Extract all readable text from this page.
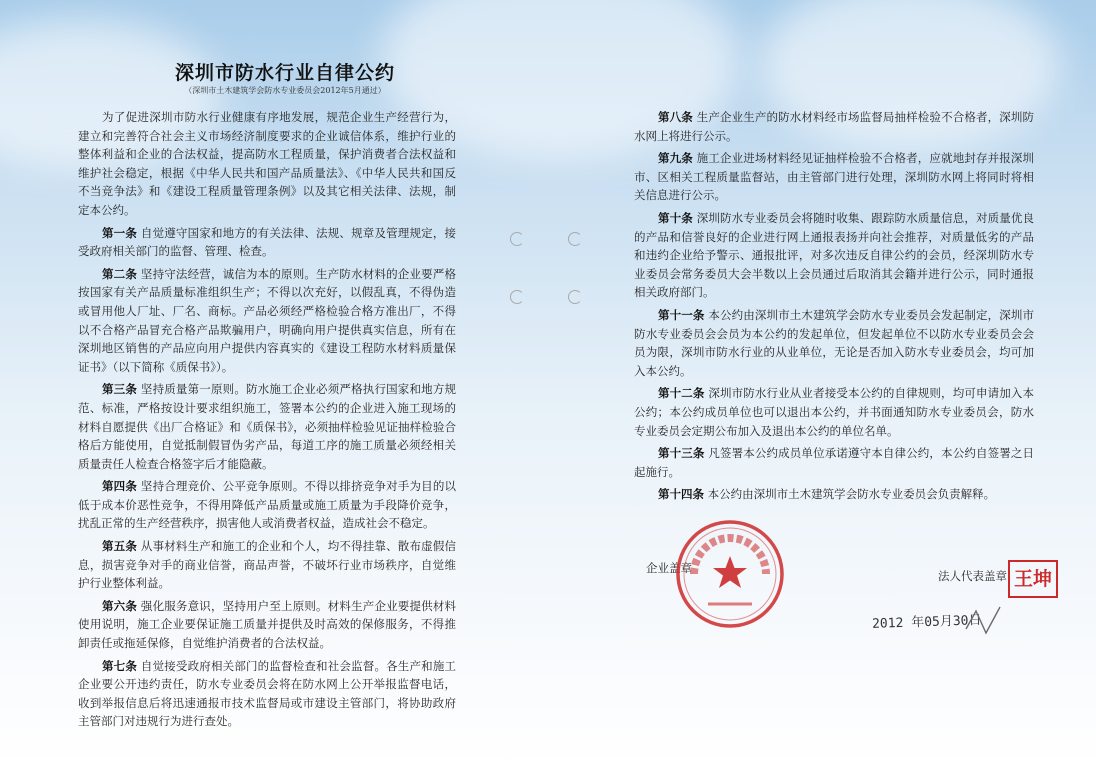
深圳市防水行业自律公约
（深圳市土木建筑学会防水专业委员会2012年5月通过）

为了促进深圳市防水行业健康有序地发展，规范企业生产经营行为，建立和完善符合社会主义市场经济制度要求的企业诚信体系，维护行业的整体利益和企业的合法权益，提高防水工程质量，保护消费者合法权益和维护社会稳定，根据《中华人民共和国产品质量法》、《中华人民共和国反不当竞争法》和《建设工程质量管理条例》以及其它相关法律、法规，制定本公约。

第一条 自觉遵守国家和地方的有关法律、法规、规章及管理规定，接受政府相关部门的监督、管理、检查。

第二条 坚持守法经营，诚信为本的原则。生产防水材料的企业要严格按国家有关产品质量标准组织生产；不得以次充好，以假乱真，不得伪造或冒用他人厂址、厂名、商标。产品必须经严格检验合格方准出厂，不得以不合格产品冒充合格产品欺骗用户，明确向用户提供真实信息，所有在深圳地区销售的产品应向用户提供内容真实的《建设工程防水材料质量保证书》（以下简称《质保书》）。

第三条 坚持质量第一原则。防水施工企业必须严格执行国家和地方规范、标准，严格按设计要求组织施工，签署本公约的企业进入施工现场的材料自愿提供《出厂合格证》和《质保书》，必须抽样检验见证抽样检验合格后方能使用，自觉抵制假冒伪劣产品，每道工序的施工质量必须经相关质量责任人检查合格签字后才能隐蔽。

第四条 坚持合理竞价、公平竞争原则。不得以排挤竞争对手为目的以低于成本价恶性竞争，不得用降低产品质量或施工质量为手段降价竞争，扰乱正常的生产经营秩序，损害他人或消费者权益，造成社会不稳定。

第五条 从事材料生产和施工的企业和个人，均不得挂靠、散布虚假信息，损害竞争对手的商业信誉，商品声誉，不破坏行业市场秩序，自觉维护行业整体利益。

第六条 强化服务意识，坚持用户至上原则。材料生产企业要提供材料使用说明，施工企业要保证施工质量并提供及时高效的保修服务，不得推卸责任或拖延保修，自觉维护消费者的合法权益。

第七条 自觉接受政府相关部门的监督检查和社会监督。各生产和施工企业要公开违约责任，防水专业委员会将在防水网上公开举报监督电话，收到举报信息后将迅速通报市技术监督局或市建设主管部门，将协助政府主管部门对违规行为进行查处。

第八条 生产企业生产的防水材料经市场监督局抽样检验不合格者，深圳防水网上将进行公示。

第九条 施工企业进场材料经见证抽样检验不合格者，应就地封存并报深圳市、区相关工程质量监督站，由主管部门进行处理，深圳防水网上将同时将相关信息进行公示。

第十条 深圳防水专业委员会将随时收集、跟踪防水质量信息，对质量优良的产品和信誉良好的企业进行网上通报表扬并向社会推荐，对质量低劣的产品和违约企业给予警示、通报批评，对多次违反自律公约的会员，经深圳防水专业委员会常务委员大会半数以上会员通过后取消其会籍并进行公示，同时通报相关政府部门。

第十一条 本公约由深圳市土木建筑学会防水专业委员会发起制定，深圳市防水专业委员会会员为本公约的发起单位，但发起单位不以防水专业委员会会员为限，深圳市防水行业的从业单位，无论是否加入防水专业委员会，均可加入本公约。

第十二条 深圳市防水行业从业者接受本公约的自律规则，均可申请加入本公约；本公约成员单位也可以退出本公约，并书面通知防水专业委员会，防水专业委员会定期公布加入及退出本公约的单位名单。

第十三条 凡签署本公约成员单位承诺遵守本自律公约，本公约自签署之日起施行。

第十四条 本公约由深圳市土木建筑学会防水专业委员会负责解释。

企业盖章
法人代表盖章 王坤
2012 年05月30日
